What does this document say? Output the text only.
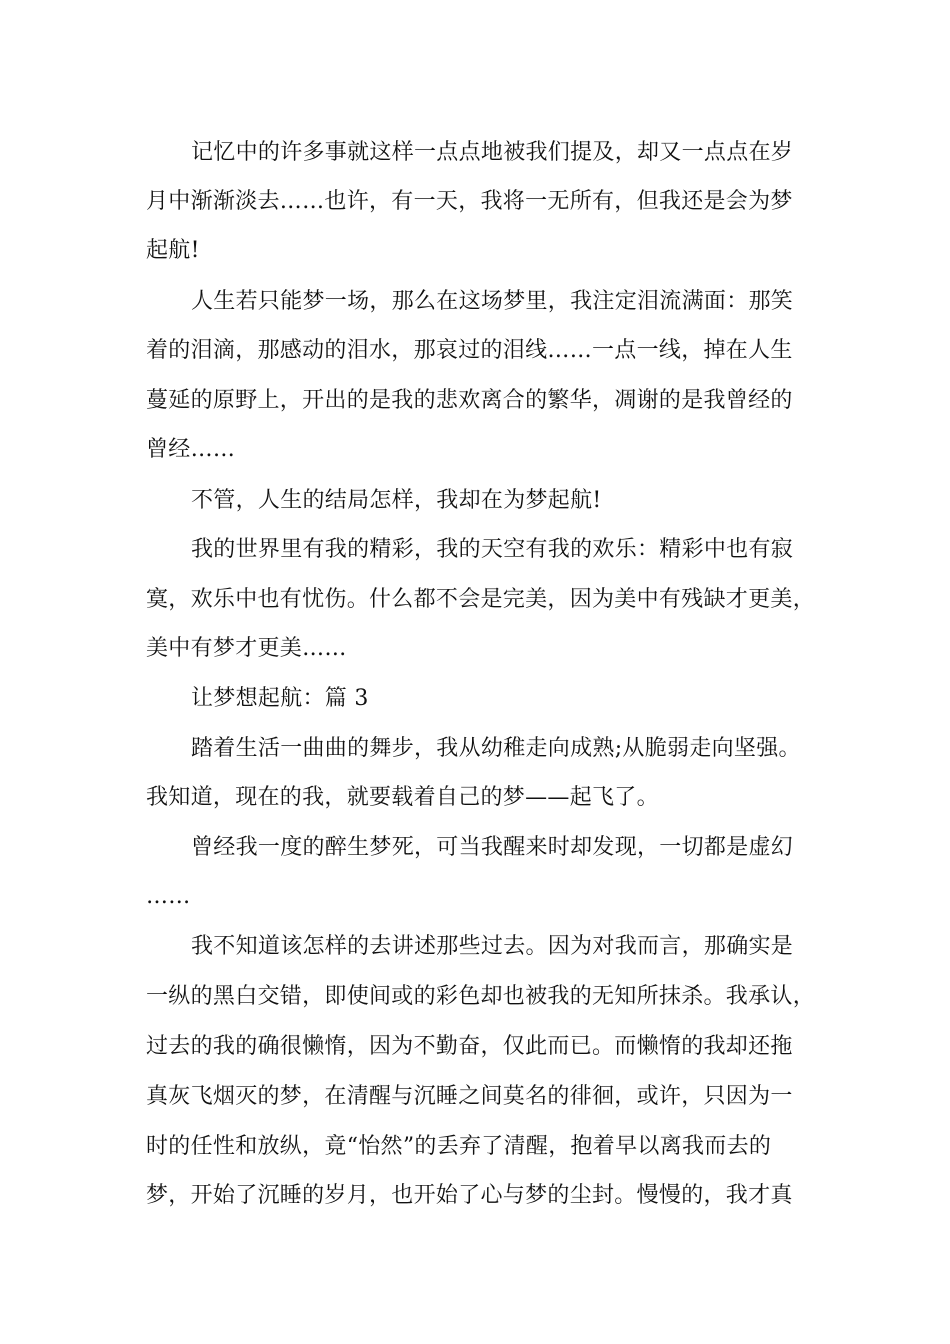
记忆中的许多事就这样一点点地被我们提及，却又一点点在岁
月中渐渐淡去……也许，有一天，我将一无所有，但我还是会为梦
起航!
人生若只能梦一场，那么在这场梦里，我注定泪流满面：那笑
着的泪滴，那感动的泪水，那哀过的泪线……一点一线，掉在人生
蔓延的原野上，开出的是我的悲欢离合的繁华，凋谢的是我曾经的
曾经……
不管，人生的结局怎样，我却在为梦起航!
我的世界里有我的精彩，我的天空有我的欢乐：精彩中也有寂
寞，欢乐中也有忧伤。什么都不会是完美，因为美中有残缺才更美，
美中有梦才更美……
让梦想起航：篇 3
踏着生活一曲曲的舞步，我从幼稚走向成熟;从脆弱走向坚强。
我知道，现在的我，就要载着自己的梦——起飞了。
曾经我一度的醉生梦死，可当我醒来时却发现，一切都是虚幻
……
我不知道该怎样的去讲述那些过去。因为对我而言，那确实是
一纵的黑白交错，即使间或的彩色却也被我的无知所抹杀。我承认，
过去的我的确很懒惰，因为不勤奋，仅此而已。而懒惰的我却还拖
真灰飞烟灭的梦，在清醒与沉睡之间莫名的徘徊，或许，只因为一
时的任性和放纵，竟“怡然”的丢弃了清醒，抱着早以离我而去的
梦，开始了沉睡的岁月，也开始了心与梦的尘封。慢慢的，我才真
